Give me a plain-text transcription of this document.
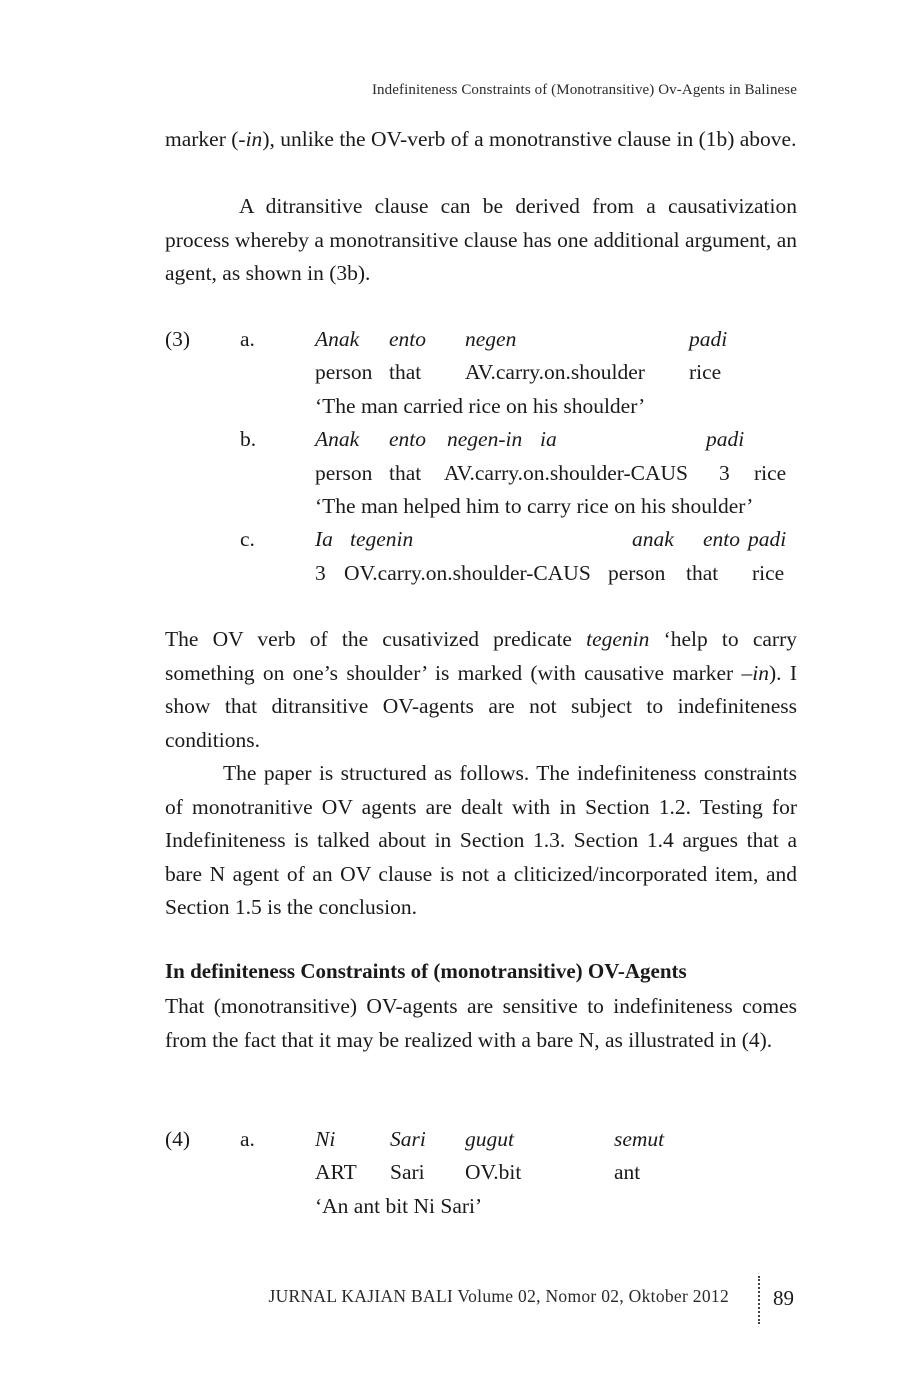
Indefiniteness Constraints of (Monotransitive) Ov-Agents in Balinese

marker (-in), unlike the OV-verb of a monotranstive clause in (1b) above.

A ditransitive clause can be derived from a causativization process whereby a monotransitive clause has one additional argument, an agent, as shown in (3b).

(3) a.	Anak ento negen	padi
person that AV.carry.on.shoulder rice
‘The man carried rice on his shoulder’
b.	Anak ento negen-in ia	padi
person that AV.carry.on.shoulder-CAUS 3 rice
‘The man helped him to carry rice on his shoulder’
c.	Ia tegenin	anak ento padi
3 OV.carry.on.shoulder-CAUS person that rice

The OV verb of the cusativized predicate tegenin ‘help to carry something on one’s shoulder’ is marked (with causative marker –in). I show that ditransitive OV-agents are not subject to indefiniteness conditions.

The paper is structured as follows. The indefiniteness constraints of monotranitive OV agents are dealt with in Section 1.2. Testing for Indefiniteness is talked about in Section 1.3. Section 1.4 argues that a bare N agent of an OV clause is not a cliticized/incorporated item, and Section 1.5 is the conclusion.

In definiteness Constraints of (monotransitive) OV-Agents

That (monotransitive) OV-agents are sensitive to indefiniteness comes from the fact that it may be realized with a bare N, as illustrated in (4).

(4) a.	Ni	Sari gugut	semut
ART Sari OV.bit	ant
‘An ant bit Ni Sari’
JURNAL KAJIAN BALI Volume 02, Nomor 02, Oktober 2012 89
